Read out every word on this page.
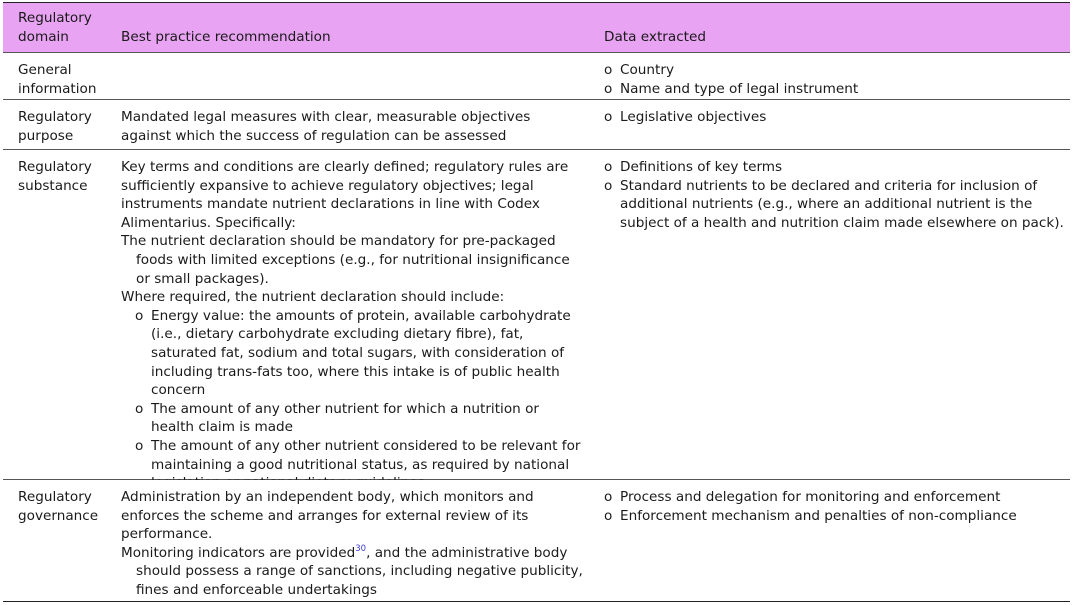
Regulatory domain	Best practice recommendation	Data extracted
General information
o Country
o Name and type of legal instrument
Regulatory purpose
Mandated legal measures with clear, measurable objectives against which the success of regulation can be assessed
o Legislative objectives
Regulatory substance
Key terms and conditions are clearly defined; regulatory rules are sufficiently expansive to achieve regulatory objectives; legal instruments mandate nutrient declarations in line with Codex Alimentarius. Specifically:
The nutrient declaration should be mandatory for pre-packaged foods with limited exceptions (e.g., for nutritional insignificance or small packages).
Where required, the nutrient declaration should include:
o Energy value: the amounts of protein, available carbohydrate (i.e., dietary carbohydrate excluding dietary fibre), fat, saturated fat, sodium and total sugars, with consideration of including trans-fats too, where this intake is of public health concern
o The amount of any other nutrient for which a nutrition or health claim is made
o The amount of any other nutrient considered to be relevant for maintaining a good nutritional status, as required by national
o Definitions of key terms
o Standard nutrients to be declared and criteria for inclusion of additional nutrients (e.g., where an additional nutrient is the subject of a health and nutrition claim made elsewhere on pack).
Regulatory governance
Administration by an independent body, which monitors and enforces the scheme and arranges for external review of its performance.
Monitoring indicators are provided$^{30}$, and the administrative body should possess a range of sanctions, including negative publicity, fines and enforceable undertakings
o Process and delegation for monitoring and enforcement
o Enforcement mechanism and penalties of non-compliance
